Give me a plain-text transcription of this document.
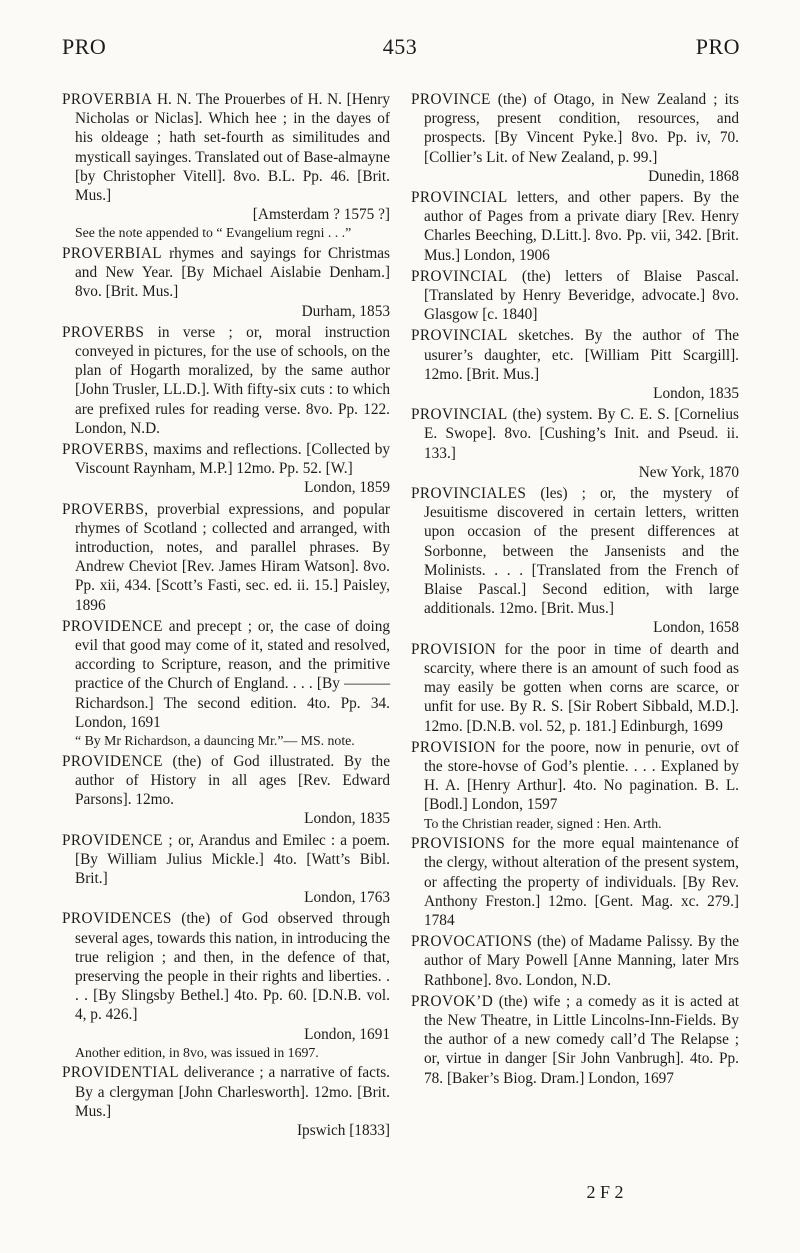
PRO	453	PRO

PROVERBIA H. N. The Prouerbes of H. N. [Henry Nicholas or Niclas]. Which hee ; in the dayes of his oldeage ; hath set-fourth as similitudes and mysticall sayinges. Translated out of Base-almayne [by Christopher Vitell]. 8vo. B.L. Pp. 46. [Brit. Mus.]
[Amsterdam ? 1575 ?]
See the note appended to “ Evangelium regni . . .”

PROVERBIAL rhymes and sayings for Christmas and New Year. [By Michael Aislabie Denham.] 8vo. [Brit. Mus.]
Durham, 1853

PROVERBS in verse ; or, moral instruction conveyed in pictures, for the use of schools, on the plan of Hogarth moralized, by the same author [John Trusler, LL.D.]. With fifty-six cuts : to which are prefixed rules for reading verse. 8vo. Pp. 122. London, N.D.

PROVERBS, maxims and reflections. [Collected by Viscount Raynham, M.P.] 12mo. Pp. 52. [W.]
London, 1859

PROVERBS, proverbial expressions, and popular rhymes of Scotland ; collected and arranged, with introduction, notes, and parallel phrases. By Andrew Cheviot [Rev. James Hiram Watson]. 8vo. Pp. xii, 434. [Scott’s Fasti, sec. ed. ii. 15.] Paisley, 1896

PROVIDENCE and precept ; or, the case of doing evil that good may come of it, stated and resolved, according to Scripture, reason, and the primitive practice of the Church of England. . . . [By ——— Richardson.] The second edition. 4to. Pp. 34. London, 1691
“ By Mr Richardson, a dauncing Mr.”— MS. note.

PROVIDENCE (the) of God illustrated. By the author of History in all ages [Rev. Edward Parsons]. 12mo.
London, 1835

PROVIDENCE ; or, Arandus and Emilec : a poem. [By William Julius Mickle.] 4to. [Watt’s Bibl. Brit.]
London, 1763

PROVIDENCES (the) of God observed through several ages, towards this nation, in introducing the true religion ; and then, in the defence of that, preserving the people in their rights and liberties. . . . [By Slingsby Bethel.] 4to. Pp. 60. [D.N.B. vol. 4, p. 426.]
London, 1691
Another edition, in 8vo, was issued in 1697.

PROVIDENTIAL deliverance ; a narrative of facts. By a clergyman [John Charlesworth]. 12mo. [Brit. Mus.]
Ipswich [1833]

PROVINCE (the) of Otago, in New Zealand ; its progress, present condition, resources, and prospects. [By Vincent Pyke.] 8vo. Pp. iv, 70. [Collier’s Lit. of New Zealand, p. 99.]
Dunedin, 1868

PROVINCIAL letters, and other papers. By the author of Pages from a private diary [Rev. Henry Charles Beeching, D.Litt.]. 8vo. Pp. vii, 342. [Brit. Mus.] London, 1906

PROVINCIAL (the) letters of Blaise Pascal. [Translated by Henry Beveridge, advocate.] 8vo. Glasgow [c. 1840]

PROVINCIAL sketches. By the author of The usurer’s daughter, etc. [William Pitt Scargill]. 12mo. [Brit. Mus.]
London, 1835

PROVINCIAL (the) system. By C. E. S. [Cornelius E. Swope]. 8vo. [Cushing’s Init. and Pseud. ii. 133.]
New York, 1870

PROVINCIALES (les) ; or, the mystery of Jesuitisme discovered in certain letters, written upon occasion of the present differences at Sorbonne, between the Jansenists and the Molinists. . . . [Translated from the French of Blaise Pascal.] Second edition, with large additionals. 12mo. [Brit. Mus.]
London, 1658

PROVISION for the poor in time of dearth and scarcity, where there is an amount of such food as may easily be gotten when corns are scarce, or unfit for use. By R. S. [Sir Robert Sibbald, M.D.]. 12mo. [D.N.B. vol. 52, p. 181.] Edinburgh, 1699

PROVISION for the poore, now in penurie, ovt of the store-hovse of God’s plentie. . . . Explaned by H. A. [Henry Arthur]. 4to. No pagination. B. L. [Bodl.] London, 1597
To the Christian reader, signed : Hen. Arth.

PROVISIONS for the more equal maintenance of the clergy, without alteration of the present system, or affecting the property of individuals. [By Rev. Anthony Freston.] 12mo. [Gent. Mag. xc. 279.] 1784

PROVOCATIONS (the) of Madame Palissy. By the author of Mary Powell [Anne Manning, later Mrs Rathbone]. 8vo. London, N.D.

PROVOK’D (the) wife ; a comedy as it is acted at the New Theatre, in Little Lincolns-Inn-Fields. By the author of a new comedy call’d The Relapse ; or, virtue in danger [Sir John Vanbrugh]. 4to. Pp. 78. [Baker’s Biog. Dram.] London, 1697

2 F 2
